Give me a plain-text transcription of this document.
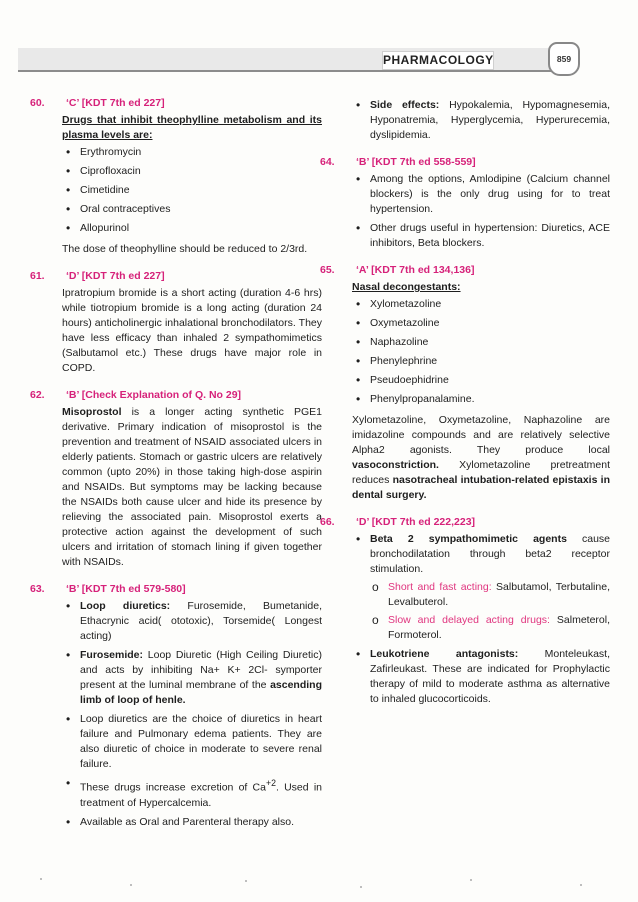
PHARMACOLOGY	859
60. ‘C’ [KDT 7th ed 227]
Drugs that inhibit theophylline metabolism and its plasma levels are:
• Erythromycin
• Ciprofloxacin
• Cimetidine
• Oral contraceptives
• Allopurinol

The dose of theophylline should be reduced to 2/3rd.

61. ‘D’ [KDT 7th ed 227]

Ipratropium bromide is a short acting (duration 4-6 hrs) while tiotropium bromide is a long acting (duration 24 hours) anticholinergic inhalational bronchodilators. They have less efficacy than inhaled 2 sympathomimetics (Salbutamol etc.) These drugs have major role in COPD.

62. ‘B’ [Check Explanation of Q. No 29]

Misoprostol is a longer acting synthetic PGE1 derivative. Primary indication of misoprostol is the prevention and treatment of NSAID associated ulcers in elderly patients. Stomach or gastric ulcers are relatively common (upto 20%) in those taking high-dose aspirin and NSAIDs. But symptoms may be lacking because the NSAIDs both cause ulcer and hide its presence by relieving the associated pain. Misoprostol exerts a protective action against the development of such ulcers and irritation of stomach lining if given together with NSAIDs.

63. ‘B’ [KDT 7th ed 579-580]
• Loop diuretics: Furosemide, Bumetanide, Ethacrynic acid( ototoxic), Torsemide( Longest acting)
• Furosemide: Loop Diuretic (High Ceiling Diuretic) and acts by inhibiting Na+ K+ 2Cl- symporter present at the luminal membrane of the ascending limb of loop of henle.
• Loop diuretics are the choice of diuretics in heart failure and Pulmonary edema patients. They are also diuretic of choice in moderate to severe renal failure.
• These drugs increase excretion of $Ca^{+2}$. Used in treatment of Hypercalcemia.
• Available as Oral and Parenteral therapy also.
• Side effects: Hypokalemia, Hypomagnesemia, Hyponatremia, Hyperglycemia, Hyperurecemia, dyslipidemia.
64. ‘B’ [KDT 7th ed 558-559]
• Among the options, Amlodipine (Calcium channel blockers) is the only drug using for to treat hypertension.
• Other drugs useful in hypertension: Diuretics, ACE inhibitors, Beta blockers.
65. ‘A’ [KDT 7th ed 134,136]
Nasal decongestants:
• Xylometazoline
• Oxymetazoline
• Naphazoline
• Phenylephrine
• Pseudoephidrine
• Phenylpropanalamine.

Xylometazoline, Oxymetazoline, Naphazoline are imidazoline compounds and are relatively selective Alpha2 agonists. They produce local vasoconstriction. Xylometazoline pretreatment reduces nasotracheal intubation-related epistaxis in dental surgery.

66. ‘D’ [KDT 7th ed 222,223]
• Beta 2 sympathomimetic agents cause bronchodilatation through beta2 receptor stimulation.
o Short and fast acting: Salbutamol, Terbutaline, Levalbuterol.
o Slow and delayed acting drugs: Salmeterol, Formoterol.
• Leukotriene antagonists: Monteleukast, Zafirleukast. These are indicated for Prophylactic therapy of mild to moderate asthma as alternative to inhaled glucocorticoids.
